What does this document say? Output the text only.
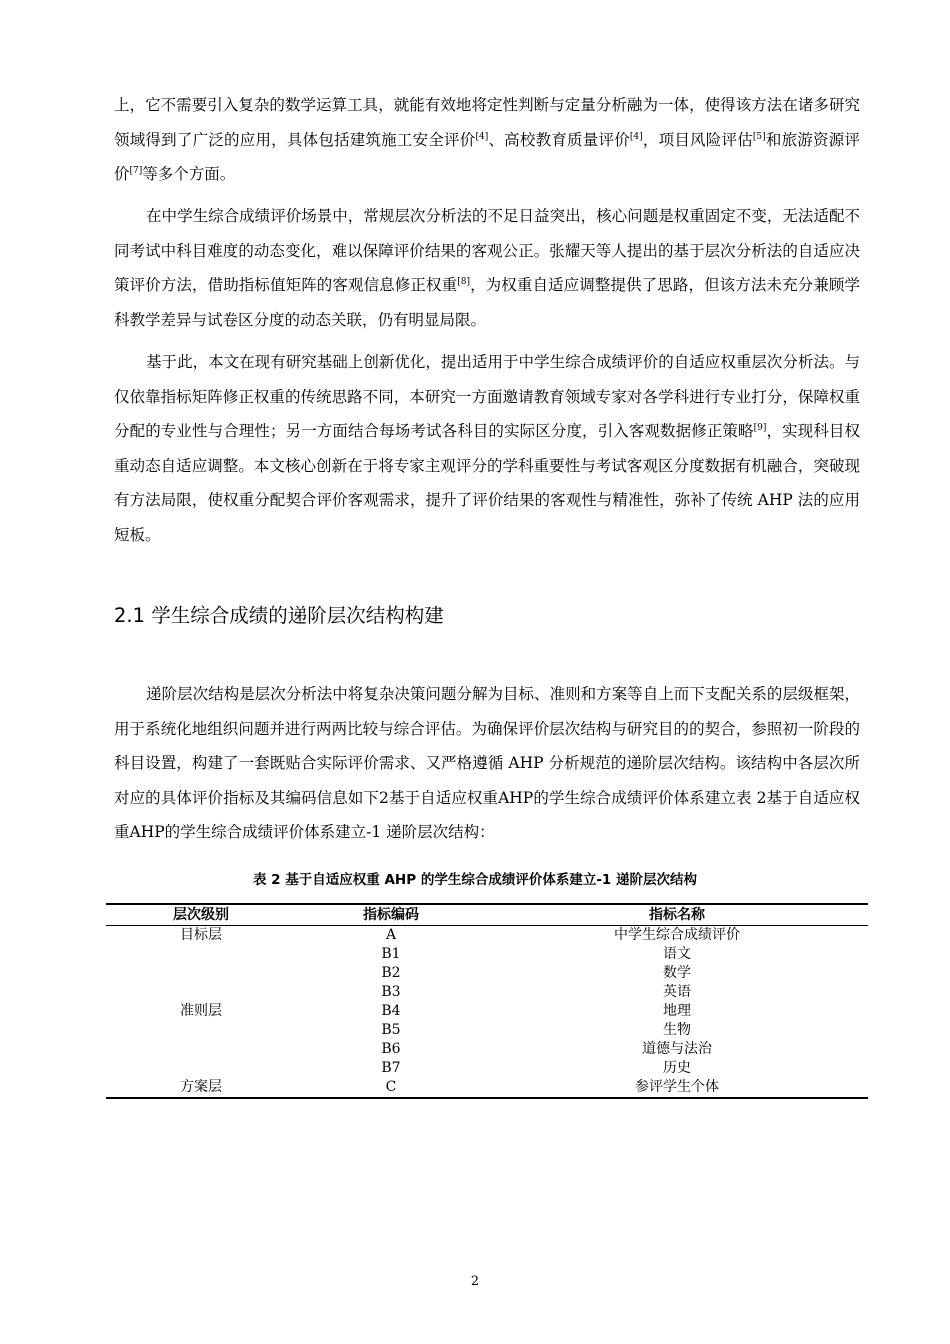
上，它不需要引入复杂的数学运算工具，就能有效地将定性判断与定量分析融为一体，使得该方法在诸多研究领域得到了广泛的应用，具体包括建筑施工安全评价[4]、高校教育质量评价[4]，项目风险评估[5]和旅游资源评价[7]等多个方面。

在中学生综合成绩评价场景中，常规层次分析法的不足日益突出，核心问题是权重固定不变，无法适配不同考试中科目难度的动态变化，难以保障评价结果的客观公正。张耀天等人提出的基于层次分析法的自适应决策评价方法，借助指标值矩阵的客观信息修正权重[8]，为权重自适应调整提供了思路，但该方法未充分兼顾学科教学差异与试卷区分度的动态关联，仍有明显局限。

基于此，本文在现有研究基础上创新优化，提出适用于中学生综合成绩评价的自适应权重层次分析法。与仅依靠指标矩阵修正权重的传统思路不同，本研究一方面邀请教育领域专家对各学科进行专业打分，保障权重分配的专业性与合理性；另一方面结合每场考试各科目的实际区分度，引入客观数据修正策略[9]，实现科目权重动态自适应调整。本文核心创新在于将专家主观评分的学科重要性与考试客观区分度数据有机融合，突破现有方法局限，使权重分配契合评价客观需求，提升了评价结果的客观性与精准性，弥补了传统 AHP 法的应用短板。

2.1 学生综合成绩的递阶层次结构构建

递阶层次结构是层次分析法中将复杂决策问题分解为目标、准则和方案等自上而下支配关系的层级框架，用于系统化地组织问题并进行两两比较与综合评估。为确保评价层次结构与研究目的的契合，参照初一阶段的科目设置，构建了一套既贴合实际评价需求、又严格遵循 AHP 分析规范的递阶层次结构。该结构中各层次所对应的具体评价指标及其编码信息如下2基于自适应权重AHP的学生综合成绩评价体系建立表 2基于自适应权重AHP的学生综合成绩评价体系建立-1 递阶层次结构：

表 2 基于自适应权重 AHP 的学生综合成绩评价体系建立-1 递阶层次结构
层次级别	指标编码	指标名称
目标层	A	中学生综合成绩评价
准则层	B1	语文
	B2	数学
	B3	英语
	B4	地理
	B5	生物
	B6	道德与法治
	B7	历史
方案层	C	参评学生个体
2
